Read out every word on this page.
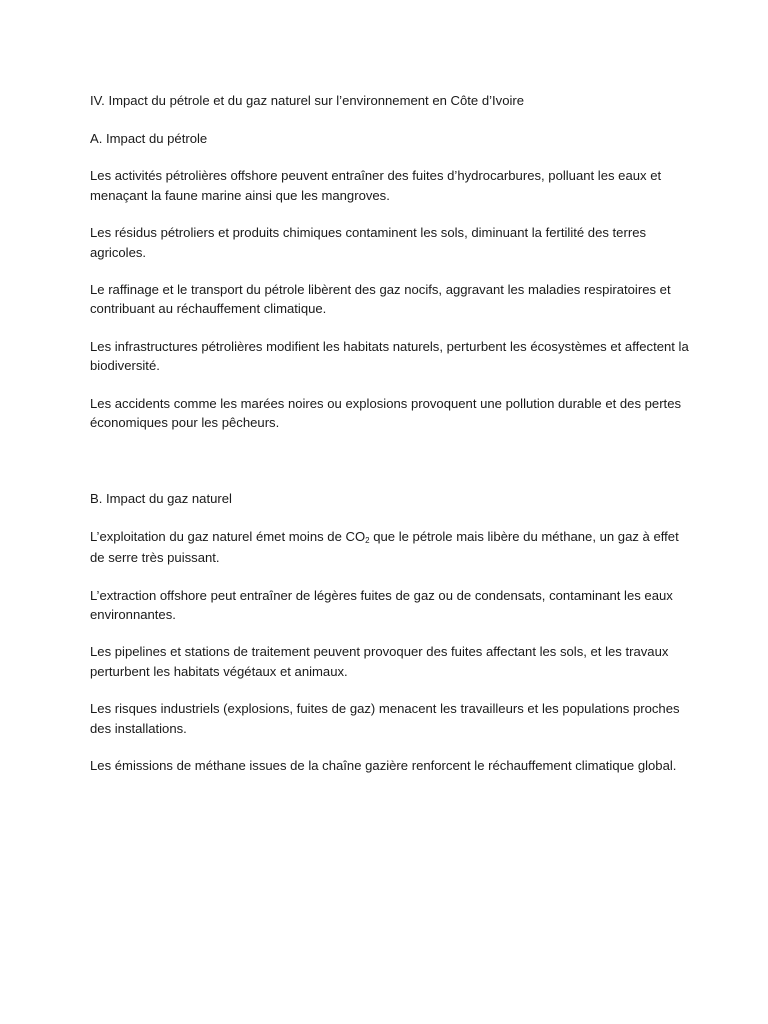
IV. Impact du pétrole et du gaz naturel sur l’environnement en Côte d’Ivoire

A. Impact du pétrole

Les activités pétrolières offshore peuvent entraîner des fuites d’hydrocarbures, polluant les eaux et menaçant la faune marine ainsi que les mangroves.

Les résidus pétroliers et produits chimiques contaminent les sols, diminuant la fertilité des terres agricoles.

Le raffinage et le transport du pétrole libèrent des gaz nocifs, aggravant les maladies respiratoires et contribuant au réchauffement climatique.

Les infrastructures pétrolières modifient les habitats naturels, perturbent les écosystèmes et affectent la biodiversité.

Les accidents comme les marées noires ou explosions provoquent une pollution durable et des pertes économiques pour les pêcheurs.

B. Impact du gaz naturel

L’exploitation du gaz naturel émet moins de CO2 que le pétrole mais libère du méthane, un gaz à effet de serre très puissant.

L’extraction offshore peut entraîner de légères fuites de gaz ou de condensats, contaminant les eaux environnantes.

Les pipelines et stations de traitement peuvent provoquer des fuites affectant les sols, et les travaux perturbent les habitats végétaux et animaux.

Les risques industriels (explosions, fuites de gaz) menacent les travailleurs et les populations proches des installations.

Les émissions de méthane issues de la chaîne gazière renforcent le réchauffement climatique global.
